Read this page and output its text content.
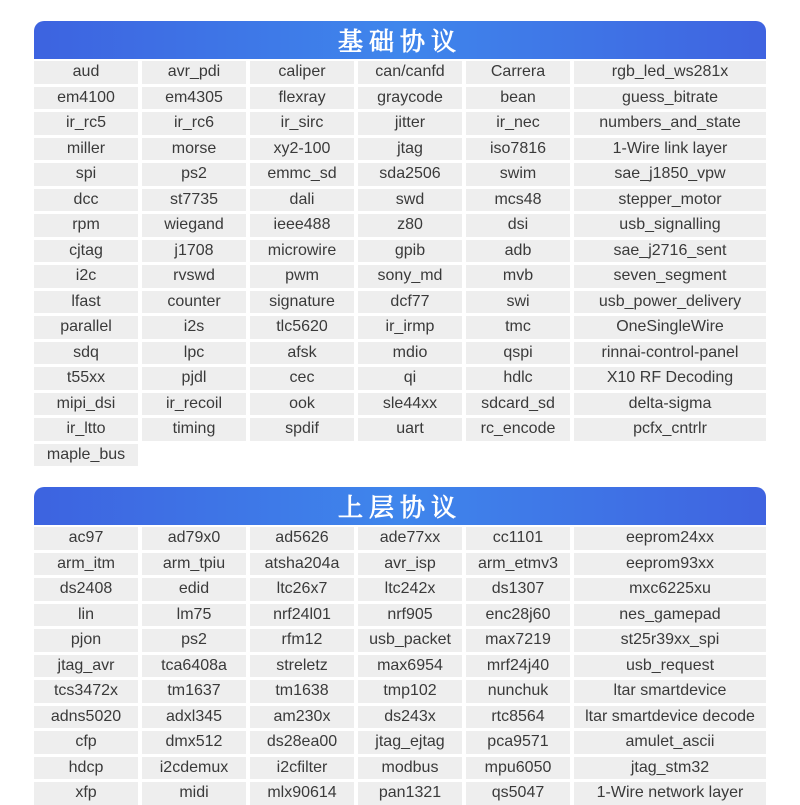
基础协议
aud	avr_pdi	caliper	can/canfd	Carrera	rgb_led_ws281x
em4100	em4305	flexray	graycode	bean	guess_bitrate
ir_rc5	ir_rc6	ir_sirc	jitter	ir_nec	numbers_and_state
miller	morse	xy2-100	jtag	iso7816	1-Wire link layer
spi	ps2	emmc_sd	sda2506	swim	sae_j1850_vpw
dcc	st7735	dali	swd	mcs48	stepper_motor
rpm	wiegand	ieee488	z80	dsi	usb_signalling
cjtag	j1708	microwire	gpib	adb	sae_j2716_sent
i2c	rvswd	pwm	sony_md	mvb	seven_segment
lfast	counter	signature	dcf77	swi	usb_power_delivery
parallel	i2s	tlc5620	ir_irmp	tmc	OneSingleWire
sdq	lpc	afsk	mdio	qspi	rinnai-control-panel
t55xx	pjdl	cec	qi	hdlc	X10 RF Decoding
mipi_dsi	ir_recoil	ook	sle44xx	sdcard_sd	delta-sigma
ir_ltto	timing	spdif	uart	rc_encode	pcfx_cntrlr
maple_bus
上层协议
ac97	ad79x0	ad5626	ade77xx	cc1101	eeprom24xx
arm_itm	arm_tpiu	atsha204a	avr_isp	arm_etmv3	eeprom93xx
ds2408	edid	ltc26x7	ltc242x	ds1307	mxc6225xu
lin	lm75	nrf24l01	nrf905	enc28j60	nes_gamepad
pjon	ps2	rfm12	usb_packet	max7219	st25r39xx_spi
jtag_avr	tca6408a	streletz	max6954	mrf24j40	usb_request
tcs3472x	tm1637	tm1638	tmp102	nunchuk	ltar smartdevice
adns5020	adxl345	am230x	ds243x	rtc8564	ltar smartdevice decode
cfp	dmx512	ds28ea00	jtag_ejtag	pca9571	amulet_ascii
hdcp	i2cdemux	i2cfilter	modbus	mpu6050	jtag_stm32
xfp	midi	mlx90614	pan1321	qs5047	1-Wire network layer
